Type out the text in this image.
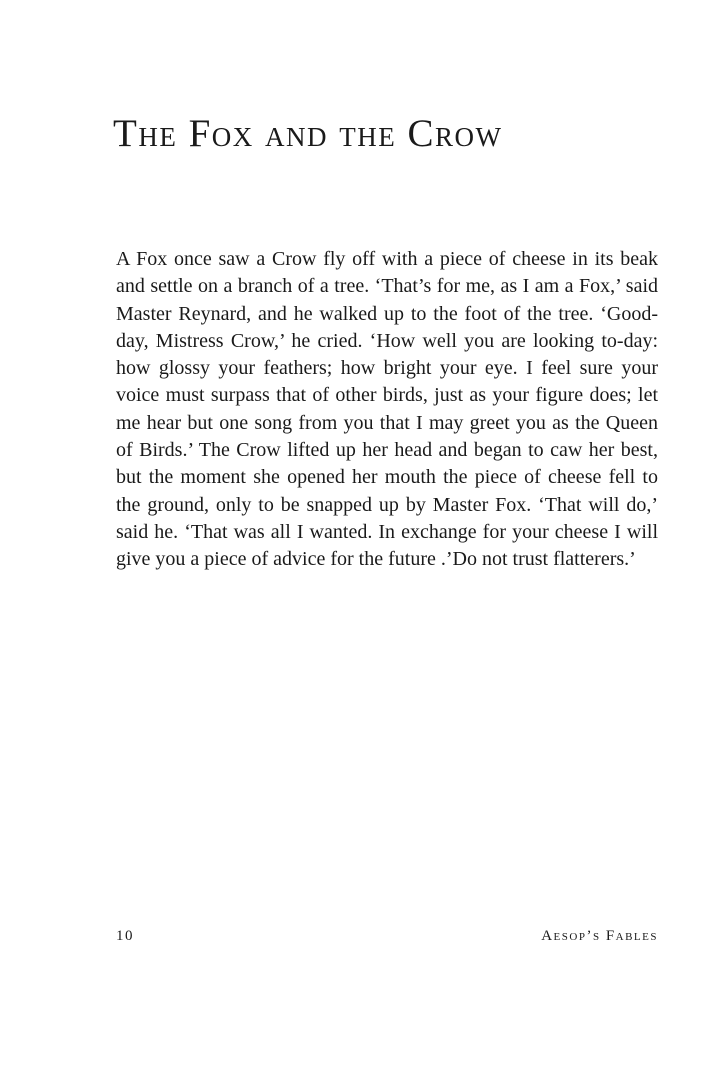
The Fox and the Crow

A Fox once saw a Crow fly off with a piece of cheese in its beak and settle on a branch of a tree. ‘That’s for me, as I am a Fox,’ said Master Reynard, and he walked up to the foot of the tree. ‘Good-day, Mistress Crow,’ he cried. ‘How well you are looking to-day: how glossy your feathers; how bright your eye. I feel sure your voice must surpass that of other birds, just as your figure does; let me hear but one song from you that I may greet you as the Queen of Birds.’ The Crow lifted up her head and began to caw her best, but the moment she opened her mouth the piece of cheese fell to the ground, only to be snapped up by Master Fox. ‘That will do,’ said he. ‘That was all I wanted. In exchange for your cheese I will give you a piece of advice for the future .’Do not trust flatterers.’

10	Aesop’s Fables
